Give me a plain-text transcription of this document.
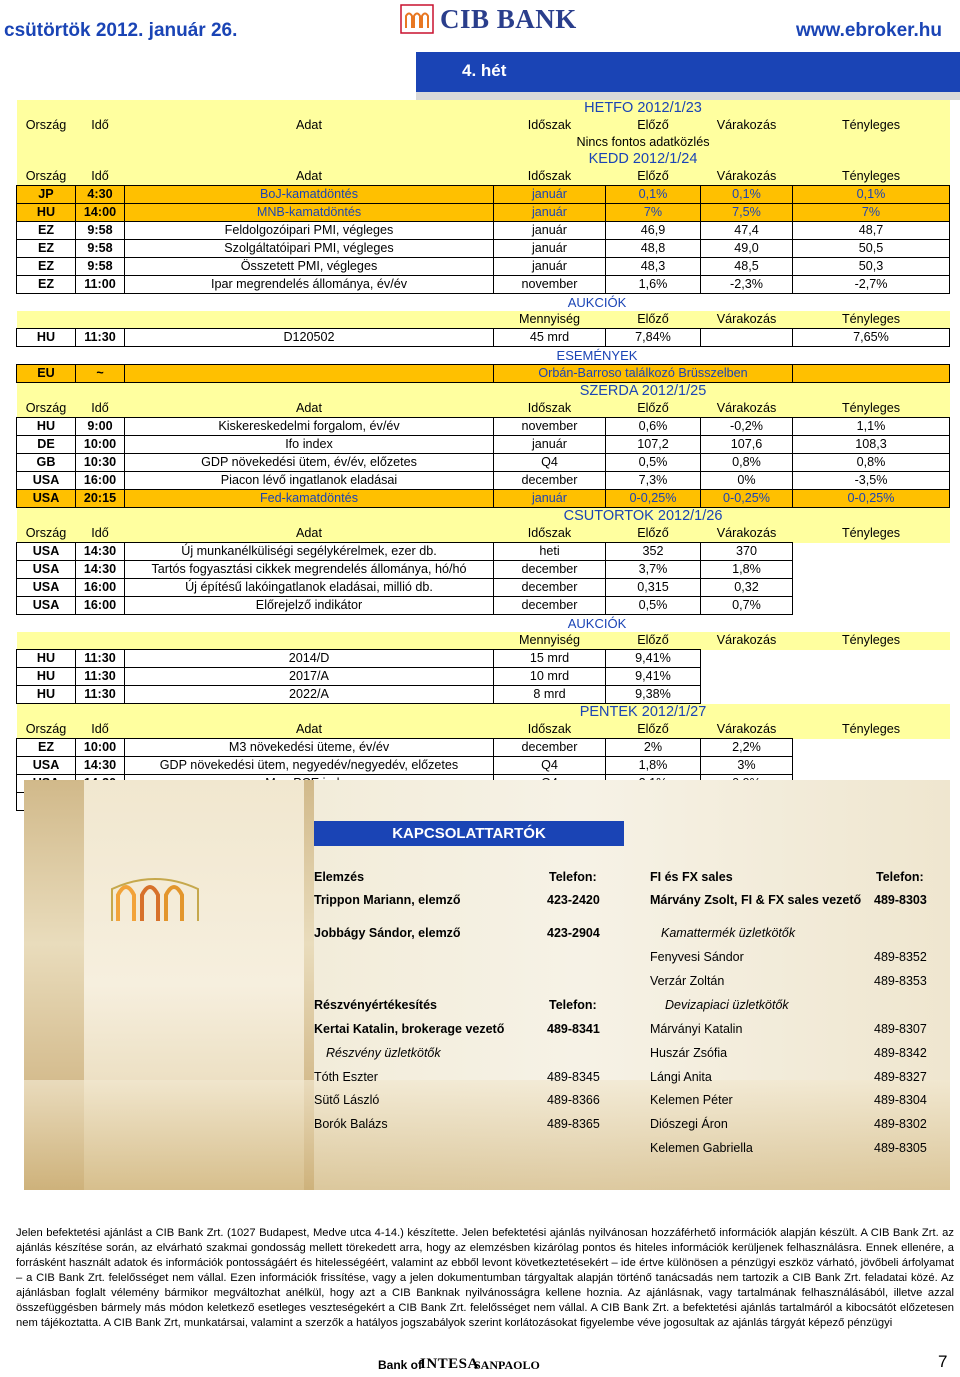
csütörtök 2012. január 26.	CIB BANK	www.ebroker.hu
4. hét
			HETFO 2012/1/23			
Ország	Idő	Adat	Időszak	Előző	Várakozás	Tényleges
			Nincs fontos adatközlés			
			KEDD 2012/1/24			
Ország	Idő	Adat	Időszak	Előző	Várakozás	Tényleges
JP	4:30	BoJ-kamatdöntés	január	0,1%	0,1%	0,1%
HU	14:00	MNB-kamatdöntés	január	7%	7,5%	7%
EZ	9:58	Feldolgozóipari PMI, végleges	január	46,9	47,4	48,7
EZ	9:58	Szolgáltatóipari PMI, végleges	január	48,8	49,0	50,5
EZ	9:58	Összetett PMI, végleges	január	48,3	48,5	50,3
EZ	11:00	Ipar megrendelés állománya, év/év	november	1,6%	-2,3%	-2,7%
			AUKCIÓK			
			Mennyiség	Előző	Várakozás	Tényleges
HU	11:30	D120502	45 mrd	7,84%		7,65%
			ESEMÉNYEK			
EU	~		Orbán-Barroso találkozó Brüsszelben			
			SZERDA 2012/1/25			
Ország	Idő	Adat	Időszak	Előző	Várakozás	Tényleges
HU	9:00	Kiskereskedelmi forgalom, év/év	november	0,6%	-0,2%	1,1%
DE	10:00	Ifo index	január	107,2	107,6	108,3
GB	10:30	GDP növekedési ütem, év/év, előzetes	Q4	0,5%	0,8%	0,8%
USA	16:00	Piacon lévő ingatlanok eladásai	december	7,3%	0%	-3,5%
USA	20:15	Fed-kamatdöntés	január	0-0,25%	0-0,25%	0-0,25%
			CSUTORTOK 2012/1/26			
Ország	Idő	Adat	Időszak	Előző	Várakozás	Tényleges
USA	14:30	Új munkanélküliségi segélykérelmek, ezer db.	heti	352	370	
USA	14:30	Tartós fogyasztási cikkek megrendelés állománya, hó/hó	december	3,7%	1,8%	
USA	16:00	Új építésű lakóingatlanok eladásai, millió db.	december	0,315	0,32	
USA	16:00	Előrejelző indikátor	december	0,5%	0,7%	
			AUKCIÓK			
			Mennyiség	Előző	Várakozás	Tényleges
HU	11:30	2014/D	15 mrd	9,41%		
HU	11:30	2017/A	10 mrd	9,41%		
HU	11:30	2022/A	8 mrd	9,38%		
			PENTEK 2012/1/27			
Ország	Idő	Adat	Időszak	Előző	Várakozás	Tényleges
EZ	10:00	M3 növekedési üteme, év/év	december	2%	2,2%	
USA	14:30	GDP növekedési ütem, negyedév/negyedév, előzetes	Q4	1,8%	3%	

KAPCSOLATTARTÓK
Elemzés	Telefon:	FI és FX sales	Telefon:
Trippon Mariann, elemző	423-2420	Márvány Zsolt, FI & FX sales vezető 489-8303
Jobbágy Sándor, elemző	423-2904	Kamattermék üzletkötők
Fenyvesi Sándor	489-8352
Verzár Zoltán	489-8353
Részvényértékesítés	Telefon:	Devizapiaci üzletkötők
Kertai Katalin, brokerage vezető	489-8341	Márványi Katalin	489-8307
Részvény üzletkötők	Huszár Zsófia	489-8342
Tóth Eszter	489-8345	Lángi Anita	489-8327
Sütő László	489-8366	Kelemen Péter	489-8304
Borók Balázs	489-8365	Diószegi Áron	489-8302
Kelemen Gabriella	489-8305
Jelen befektetési ajánlást a CIB Bank Zrt. (1027 Budapest, Medve utca 4-14.) készítette. Jelen befektetési ajánlás nyilvánosan hozzáférhető információk alapján készült. A CIB Bank Zrt. az ajánlás készítése során, az elvárható szakmai gondosság mellett törekedett arra, hogy az elemzésben kizárólag pontos és hiteles információk kerüljenek felhasználásra. Ennek ellenére, a forrásként használt adatok és információk pontosságáért és hitelességéért, valamint az ebből levont következtetésekért – ide értve különösen a pénzügyi eszköz várható, jövőbeli árfolyamat – a CIB Bank Zrt. felelősséget nem vállal. Ezen információk frissítése, vagy a jelen dokumentumban tárgyaltak alapján történő tanácsadás nem tartozik a CIB Bank Zrt. feladatai közé. Az ajánlásban foglalt vélemény bármikor megváltozhat anélkül, hogy azt a CIB Banknak nyilvánosságra kellene hoznia. Az ajánlásnak, vagy tartalmának felhasználásából, illetve azzal összefüggésben bármely más módon keletkező esetleges veszteségekért a CIB Bank Zrt. felelősséget nem vállal. A CIB Bank Zrt. a befektetési ajánlás tartalmáról a kibocsátót előzetesen nem tájékoztatta. A CIB Bank Zrt, munkatársai, valamint a szerzők a hatályos jogszabályok szerint korlátozásokat figyelembe véve jogosultak az ajánlás tárgyát képező pénzügyi
Bank of
INTESA
SANPAOLO	7
